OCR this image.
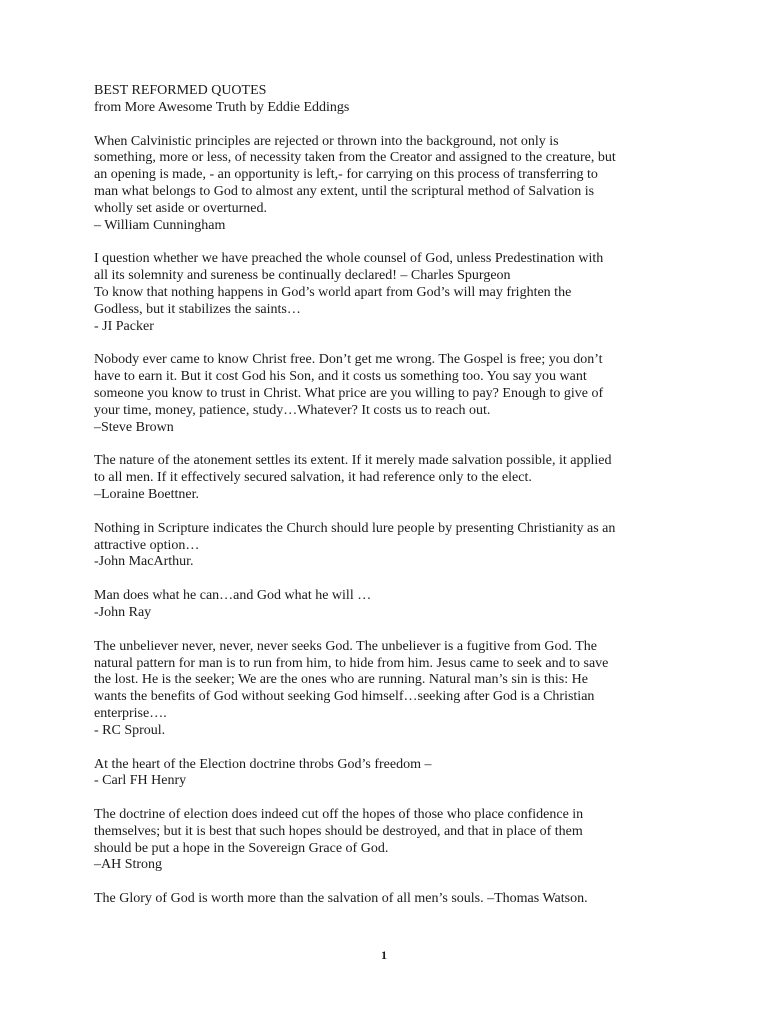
BEST REFORMED QUOTES
from More Awesome Truth by Eddie Eddings
When Calvinistic principles are rejected or thrown into the background, not only is
something, more or less, of necessity taken from the Creator and assigned to the creature, but
an opening is made, - an opportunity is left,- for carrying on this process of transferring to
man what belongs to God to almost any extent, until the scriptural method of Salvation is
wholly set aside or overturned.
– William Cunningham
I question whether we have preached the whole counsel of God, unless Predestination with
all its solemnity and sureness be continually declared! – Charles Spurgeon
To know that nothing happens in God’s world apart from God’s will may frighten the
Godless, but it stabilizes the saints…
- JI Packer
Nobody ever came to know Christ free. Don’t get me wrong. The Gospel is free; you don’t
have to earn it. But it cost God his Son, and it costs us something too. You say you want
someone you know to trust in Christ. What price are you willing to pay? Enough to give of
your time, money, patience, study…Whatever? It costs us to reach out.
–Steve Brown
The nature of the atonement settles its extent. If it merely made salvation possible, it applied
to all men. If it effectively secured salvation, it had reference only to the elect.
–Loraine Boettner.
Nothing in Scripture indicates the Church should lure people by presenting Christianity as an
attractive option…
-John MacArthur.
Man does what he can…and God what he will …
-John Ray
The unbeliever never, never, never seeks God. The unbeliever is a fugitive from God. The
natural pattern for man is to run from him, to hide from him. Jesus came to seek and to save
the lost. He is the seeker; We are the ones who are running. Natural man’s sin is this: He
wants the benefits of God without seeking God himself…seeking after God is a Christian
enterprise….
- RC Sproul.
At the heart of the Election doctrine throbs God’s freedom –
- Carl FH Henry
The doctrine of election does indeed cut off the hopes of those who place confidence in
themselves; but it is best that such hopes should be destroyed, and that in place of them
should be put a hope in the Sovereign Grace of God.
–AH Strong
The Glory of God is worth more than the salvation of all men’s souls. –Thomas Watson.
1
